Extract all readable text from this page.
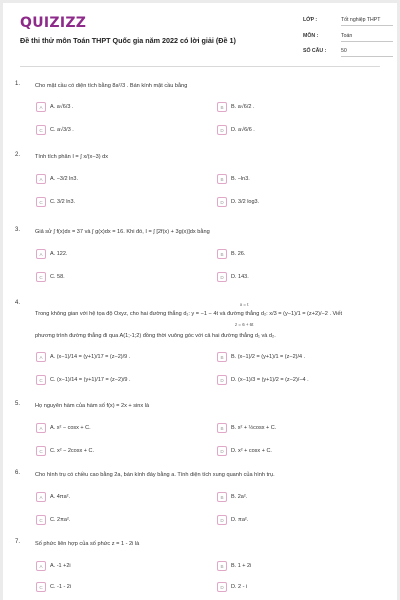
QUIZIZZ
Đề thi thử môn Toán THPT Quốc gia năm 2022 có lời giải (Đề 1)
LỚP :	Tốt nghiệp THPT
MÔN :	Toán
SỐ CÂU :	50
1.	Cho mặt cầu có diện tích bằng 8a²/3 . Bán kính mặt cầu bằng
A	A. a√6/3 .	B	B. a√6/2 .
C	C. a√3/3 .	D	D. a√6/6 .
2.	Tính tích phân I = ∫ x/(x−3) dx
A	A. −3/2 ln3.	B	B. −ln3.
C	C. 3/2 ln3.	D	D. 3/2 log3.
3.	Giả sử ∫ f(x)dx = 37 và ∫ g(x)dx = 16. Khi đó, I = ∫ [2f(x) + 3g(x)]dx bằng
A	A. 122.	B	B. 26.
C	C. 58.	D	D. 143.
4.	x = t
Trong không gian với hệ tọa độ Oxyz, cho hai đường thẳng d₁: y = −1 − 4t và đường thẳng d₂: x/3 = (y−1)/1 = (z+2)/−2 . Viết
z = 6 + 6t
phương trình đường thẳng đi qua A(1;-1;2) đồng thời vuông góc với cả hai đường thẳng d₁ và d₂.
A	A. (x−1)/14 = (y+1)/17 = (z−2)/9 .	B	B. (x−1)/2 = (y+1)/1 = (z−2)/4 .
C	C. (x−1)/14 = (y+1)/17 = (z−2)/9 .	D	D. (x−1)/3 = (y+1)/2 = (z−2)/−4 .
5.	Họ nguyên hàm của hàm số f(x) = 2x + sinx là
A	A. x² − cosx + C.	B	B. x² + ½cosx + C.
C	C. x² − 2cosx + C.	D	D. x² + cosx + C.
6.	Cho hình trụ có chiều cao bằng 2a, bán kính đáy bằng a. Tính diện tích xung quanh của hình trụ.
A	A. 4πa².	B	B. 2a².
C	C. 2πa².	D	D. πa².
7.	Số phức liên hợp của số phức z = 1 - 2i là
A	A. -1 +2i	B	B. 1 + 2i
C	C. -1 - 2i	D	D. 2 - i
